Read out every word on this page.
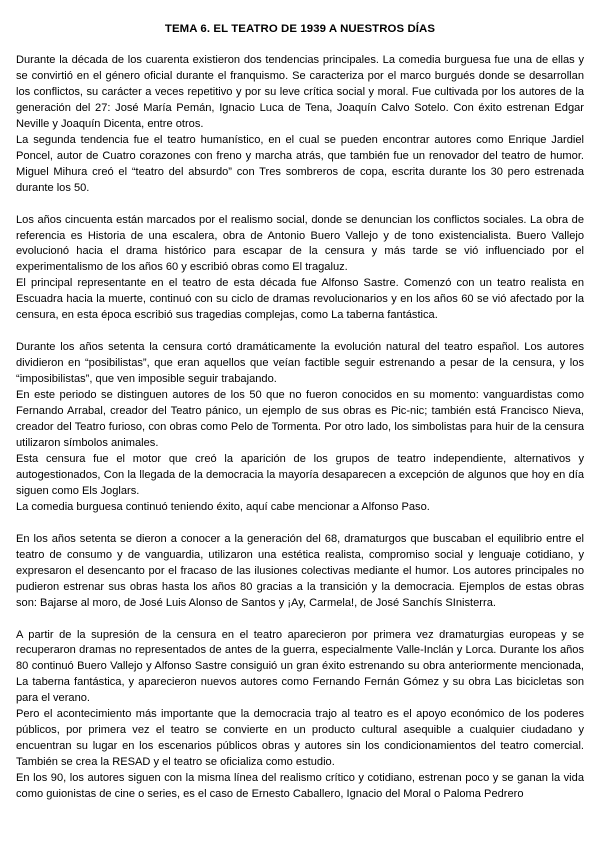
TEMA 6. EL TEATRO DE 1939 A NUESTROS DÍAS

Durante la década de los cuarenta existieron dos tendencias principales. La comedia burguesa fue una de ellas y se convirtió en el género oficial durante el franquismo. Se caracteriza por el marco burgués donde se desarrollan los conflictos, su carácter a veces repetitivo y por su leve crítica social y moral. Fue cultivada por los autores de la generación del 27: José María Pemán, Ignacio Luca de Tena, Joaquín Calvo Sotelo. Con éxito estrenan Edgar Neville y Joaquín Dicenta, entre otros.

La segunda tendencia fue el teatro humanístico, en el cual se pueden encontrar autores como Enrique Jardiel Poncel, autor de Cuatro corazones con freno y marcha atrás, que también fue un renovador del teatro de humor. Miguel Mihura creó el “teatro del absurdo” con Tres sombreros de copa, escrita durante los 30 pero estrenada durante los 50.

Los años cincuenta están marcados por el realismo social, donde se denuncian los conflictos sociales. La obra de referencia es Historia de una escalera, obra de Antonio Buero Vallejo y de tono existencialista. Buero Vallejo evolucionó hacia el drama histórico para escapar de la censura y más tarde se vió influenciado por el experimentalismo de los años 60 y escribió obras como El tragaluz.

El principal representante en el teatro de esta década fue Alfonso Sastre. Comenzó con un teatro realista en Escuadra hacia la muerte, continuó con su ciclo de dramas revolucionarios y en los años 60 se vió afectado por la censura, en esta época escribió sus tragedias complejas, como La taberna fantástica.

Durante los años setenta la censura cortó dramáticamente la evolución natural del teatro español. Los autores dividieron en “posibilistas”, que eran aquellos que veían factible seguir estrenando a pesar de la censura, y los “imposibilistas”, que ven imposible seguir trabajando.

En este periodo se distinguen autores de los 50 que no fueron conocidos en su momento: vanguardistas como Fernando Arrabal, creador del Teatro pánico, un ejemplo de sus obras es Pic-nic; también está Francisco Nieva, creador del Teatro furioso, con obras como Pelo de Tormenta. Por otro lado, los simbolistas para huir de la censura utilizaron símbolos animales.

Esta censura fue el motor que creó la aparición de los grupos de teatro independiente, alternativos y autogestionados, Con la llegada de la democracia la mayoría desaparecen a excepción de algunos que hoy en día siguen como Els Joglars.

La comedia burguesa continuó teniendo éxito, aquí cabe mencionar a Alfonso Paso.

En los años setenta se dieron a conocer a la generación del 68, dramaturgos que buscaban el equilibrio entre el teatro de consumo y de vanguardia, utilizaron una estética realista, compromiso social y lenguaje cotidiano, y expresaron el desencanto por el fracaso de las ilusiones colectivas mediante el humor. Los autores principales no pudieron estrenar sus obras hasta los años 80 gracias a la transición y la democracia. Ejemplos de estas obras son: Bajarse al moro, de José Luis Alonso de Santos y ¡Ay, Carmela!, de José Sanchís SInisterra.

A partir de la supresión de la censura en el teatro aparecieron por primera vez dramaturgias europeas y se recuperaron dramas no representados de antes de la guerra, especialmente Valle-Inclán y Lorca. Durante los años 80 continuó Buero Vallejo y Alfonso Sastre consiguió un gran éxito estrenando su obra anteriormente mencionada, La taberna fantástica, y aparecieron nuevos autores como Fernando Fernán Gómez y su obra Las bicicletas son para el verano.

Pero el acontecimiento más importante que la democracia trajo al teatro es el apoyo económico de los poderes públicos, por primera vez el teatro se convierte en un producto cultural asequible a cualquier ciudadano y encuentran su lugar en los escenarios públicos obras y autores sin los condicionamientos del teatro comercial. También se crea la RESAD y el teatro se oficializa como estudio.

En los 90, los autores siguen con la misma línea del realismo crítico y cotidiano, estrenan poco y se ganan la vida como guionistas de cine o series, es el caso de Ernesto Caballero, Ignacio del Moral o Paloma Pedrero
